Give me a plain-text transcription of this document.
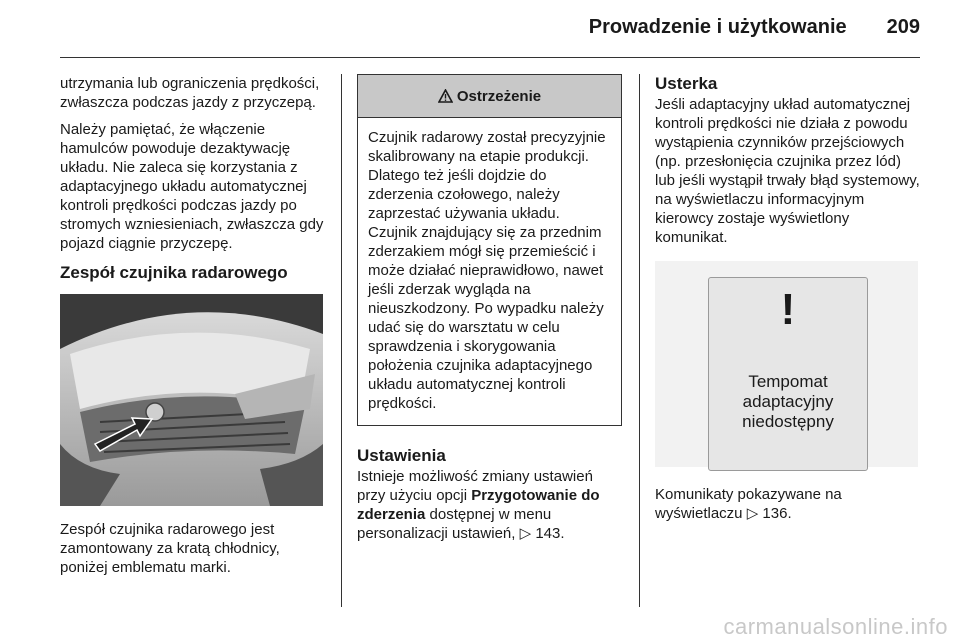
Prowadzenie i użytkowanie 209

utrzymania lub ograniczenia prędkości, zwłaszcza podczas jazdy z przyczepą.

Należy pamiętać, że włączenie hamulców powoduje dezaktywację układu. Nie zaleca się korzystania z adaptacyjnego układu automatycznej kontroli prędkości podczas jazdy po stromych wzniesieniach, zwłaszcza gdy pojazd ciągnie przyczepę.

Zespół czujnika radarowego

Zespół czujnika radarowego jest zamontowany za kratą chłodnicy, poniżej emblematu marki.

Ostrzeżenie
Czujnik radarowy został precyzyjnie skalibrowany na etapie produkcji. Dlatego też jeśli dojdzie do zderzenia czołowego, należy zaprzestać używania układu. Czujnik znajdujący się za przednim zderzakiem mógł się przemieścić i może działać nieprawidłowo, nawet jeśli zderzak wygląda na nieuszkodzony. Po wypadku należy udać się do warsztatu w celu sprawdzenia i skorygowania położenia czujnika adaptacyjnego układu automatycznej kontroli prędkości.
Ustawienia

Istnieje możliwość zmiany ustawień przy użyciu opcji Przygotowanie do zderzenia dostępnej w menu personalizacji ustawień, ▷ 143.

Usterka

Jeśli adaptacyjny układ automatycznej kontroli prędkości nie działa z powodu wystąpienia czynników przejściowych (np. przesłonięcia czujnika przez lód) lub jeśli wystąpił trwały błąd systemowy, na wyświetlaczu informacyjnym kierowcy zostaje wyświetlony komunikat.

!
Tempomat
adaptacyjny
niedostępny

Komunikaty pokazywane na wyświetlaczu ▷ 136.

carmanualsonline.info
